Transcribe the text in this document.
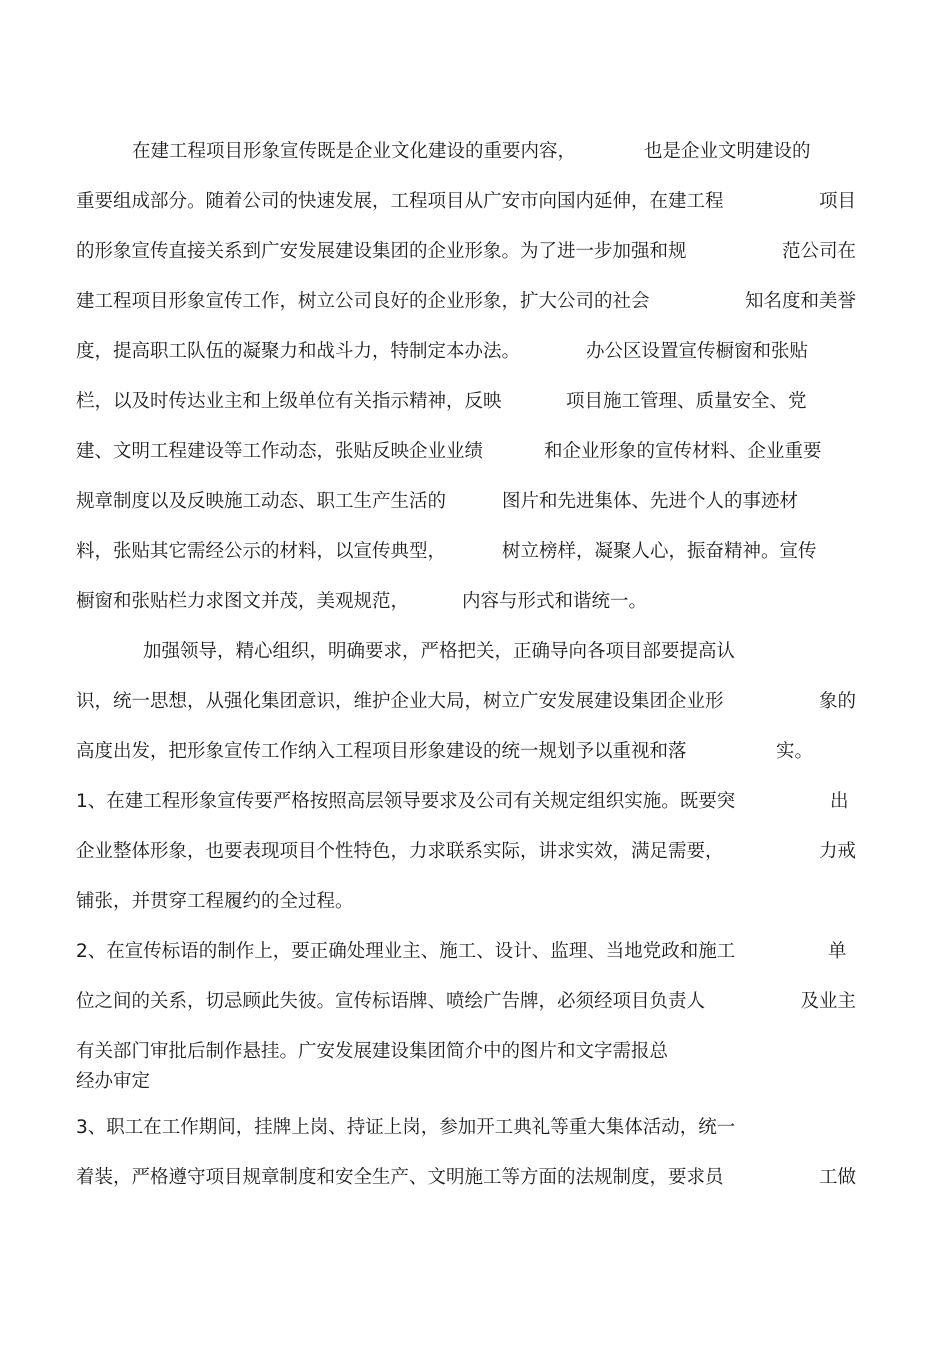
在建工程项目形象宣传既是企业文化建设的重要内容，	也是企业文明建设的
重要组成部分。随着公司的快速发展，工程项目从广安市向国内延伸，在建工程	项目
的形象宣传直接关系到广安发展建设集团的企业形象。为了进一步加强和规	范公司在
建工程项目形象宣传工作，树立公司良好的企业形象，扩大公司的社会	知名度和美誉
度，提高职工队伍的凝聚力和战斗力，特制定本办法。	办公区设置宣传橱窗和张贴
栏，以及时传达业主和上级单位有关指示精神，反映	项目施工管理、质量安全、党
建、文明工程建设等工作动态，张贴反映企业业绩	和企业形象的宣传材料、企业重要
规章制度以及反映施工动态、职工生产生活的	图片和先进集体、先进个人的事迹材
料，张贴其它需经公示的材料，以宣传典型，	树立榜样，凝聚人心，振奋精神。宣传
橱窗和张贴栏力求图文并茂，美观规范，	内容与形式和谐统一。
加强领导，精心组织，明确要求，严格把关，正确导向各项目部要提高认
识，统一思想，从强化集团意识，维护企业大局，树立广安发展建设集团企业形	象的
高度出发，把形象宣传工作纳入工程项目形象建设的统一规划予以重视和落	实。
1、在建工程形象宣传要严格按照高层领导要求及公司有关规定组织实施。既要突	出
企业整体形象，也要表现项目个性特色，力求联系实际，讲求实效，满足需要，	力戒
铺张，并贯穿工程履约的全过程。
2、在宣传标语的制作上，要正确处理业主、施工、设计、监理、当地党政和施工	单
位之间的关系，切忌顾此失彼。宣传标语牌、喷绘广告牌，必须经项目负责人	及业主
有关部门审批后制作悬挂。广安发展建设集团简介中的图片和文字需报总
经办审定
3、职工在工作期间，挂牌上岗、持证上岗，参加开工典礼等重大集体活动，统一
着装，严格遵守项目规章制度和安全生产、文明施工等方面的法规制度，要求员	工做
